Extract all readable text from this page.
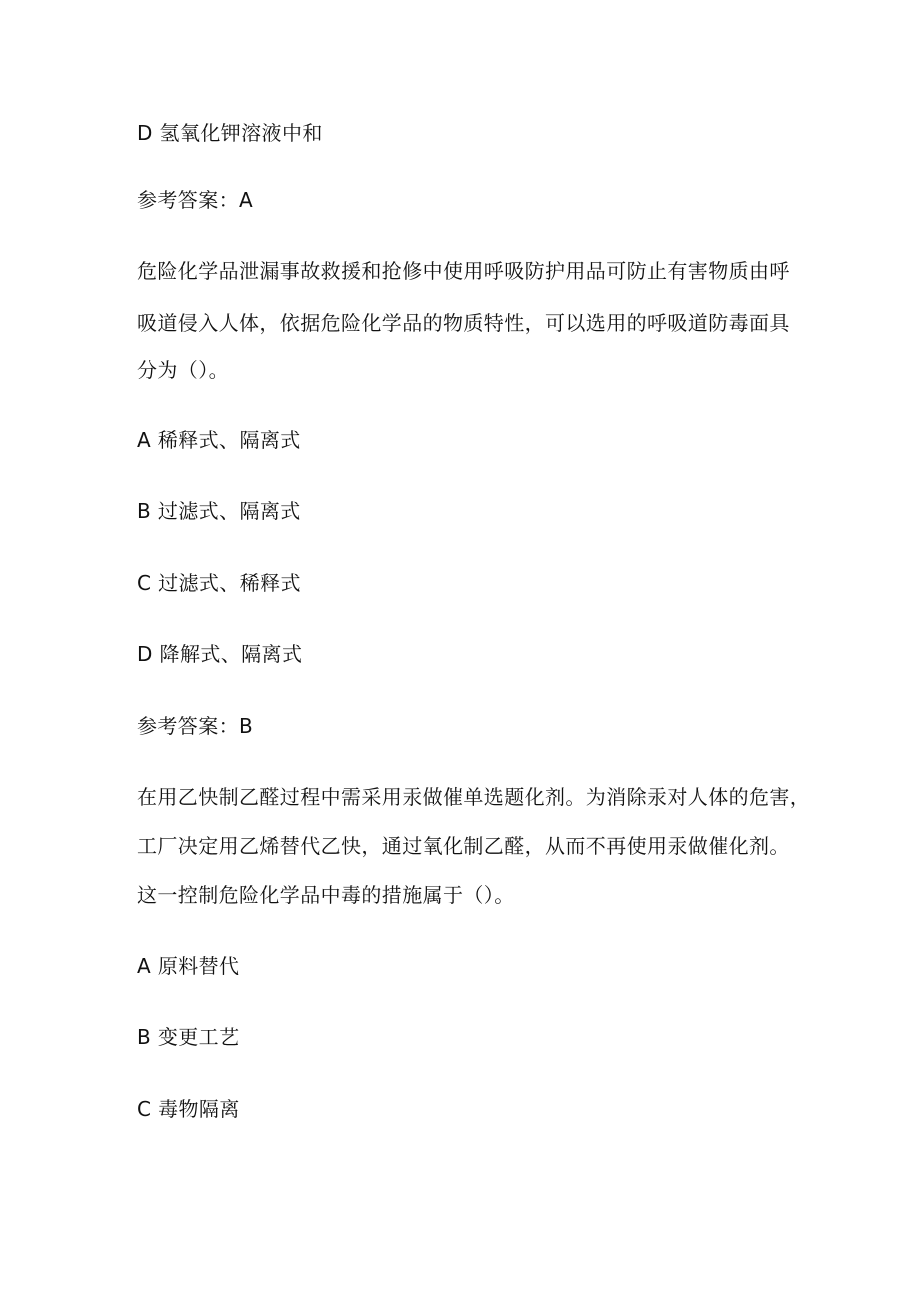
D 氢氧化钾溶液中和
参考答案：A
危险化学品泄漏事故救援和抢修中使用呼吸防护用品可防止有害物质由呼
吸道侵入人体，依据危险化学品的物质特性，可以选用的呼吸道防毒面具
分为（）。
A 稀释式、隔离式
B 过滤式、隔离式
C 过滤式、稀释式
D 降解式、隔离式
参考答案：B
在用乙快制乙醛过程中需采用汞做催单选题化剂。为消除汞对人体的危害，
工厂决定用乙烯替代乙快，通过氧化制乙醛，从而不再使用汞做催化剂。
这一控制危险化学品中毒的措施属于（）。
A 原料替代
B 变更工艺
C 毒物隔离
